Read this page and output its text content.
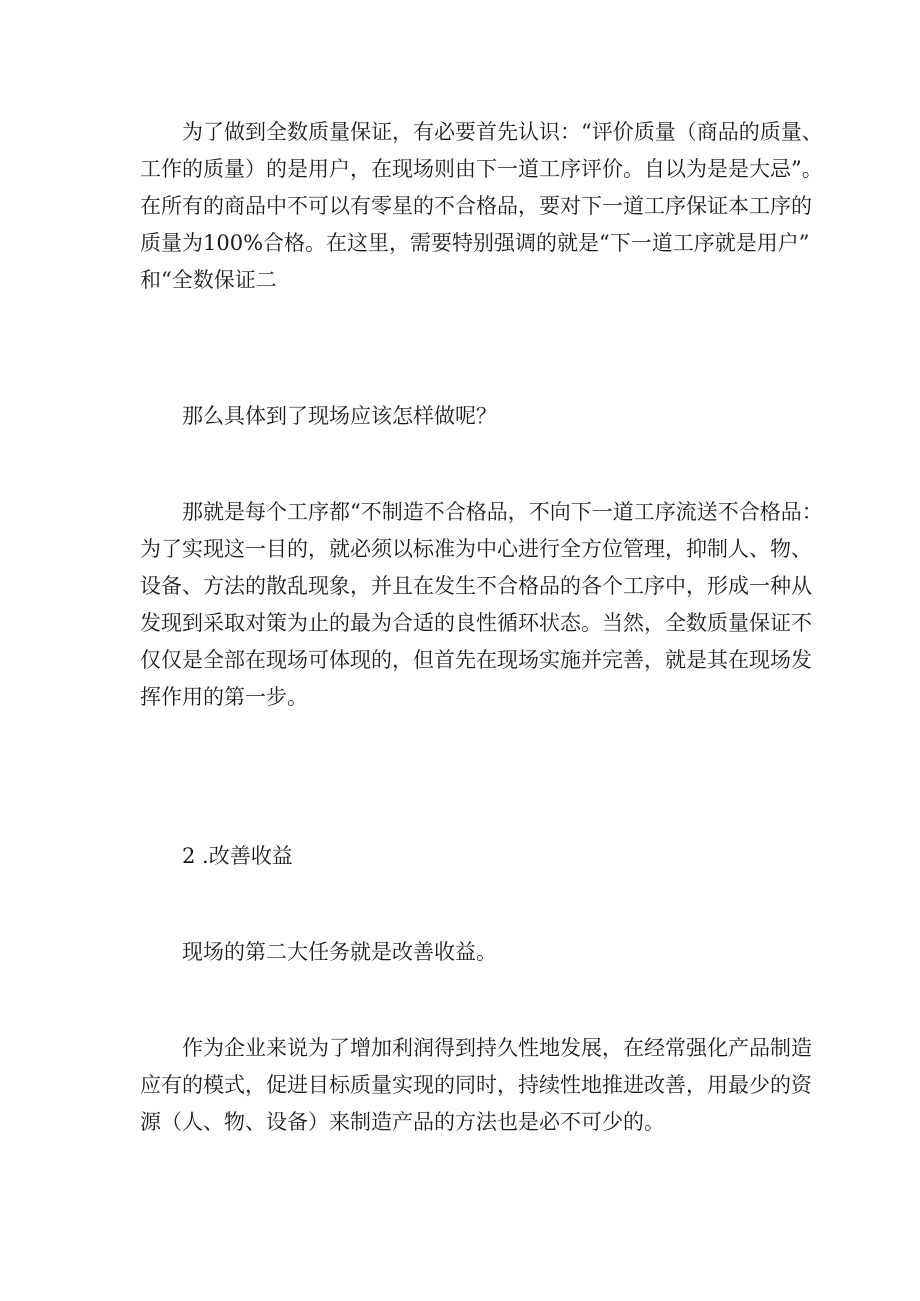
为了做到全数质量保证，有必要首先认识：“评价质量（商品的质量、
工作的质量）的是用户，在现场则由下一道工序评价。自以为是是大忌”。
在所有的商品中不可以有零星的不合格品，要对下一道工序保证本工序的
质量为100%合格。在这里，需要特别强调的就是“下一道工序就是用户”
和“全数保证二
那么具体到了现场应该怎样做呢？
那就是每个工序都“不制造不合格品，不向下一道工序流送不合格品：
为了实现这一目的，就必须以标准为中心进行全方位管理，抑制人、物、
设备、方法的散乱现象，并且在发生不合格品的各个工序中，形成一种从
发现到采取对策为止的最为合适的良性循环状态。当然，全数质量保证不
仅仅是全部在现场可体现的，但首先在现场实施并完善，就是其在现场发
挥作用的第一步。
2 .改善收益
现场的第二大任务就是改善收益。
作为企业来说为了增加利润得到持久性地发展，在经常强化产品制造
应有的模式，促进目标质量实现的同时，持续性地推进改善，用最少的资
源（人、物、设备）来制造产品的方法也是必不可少的。
